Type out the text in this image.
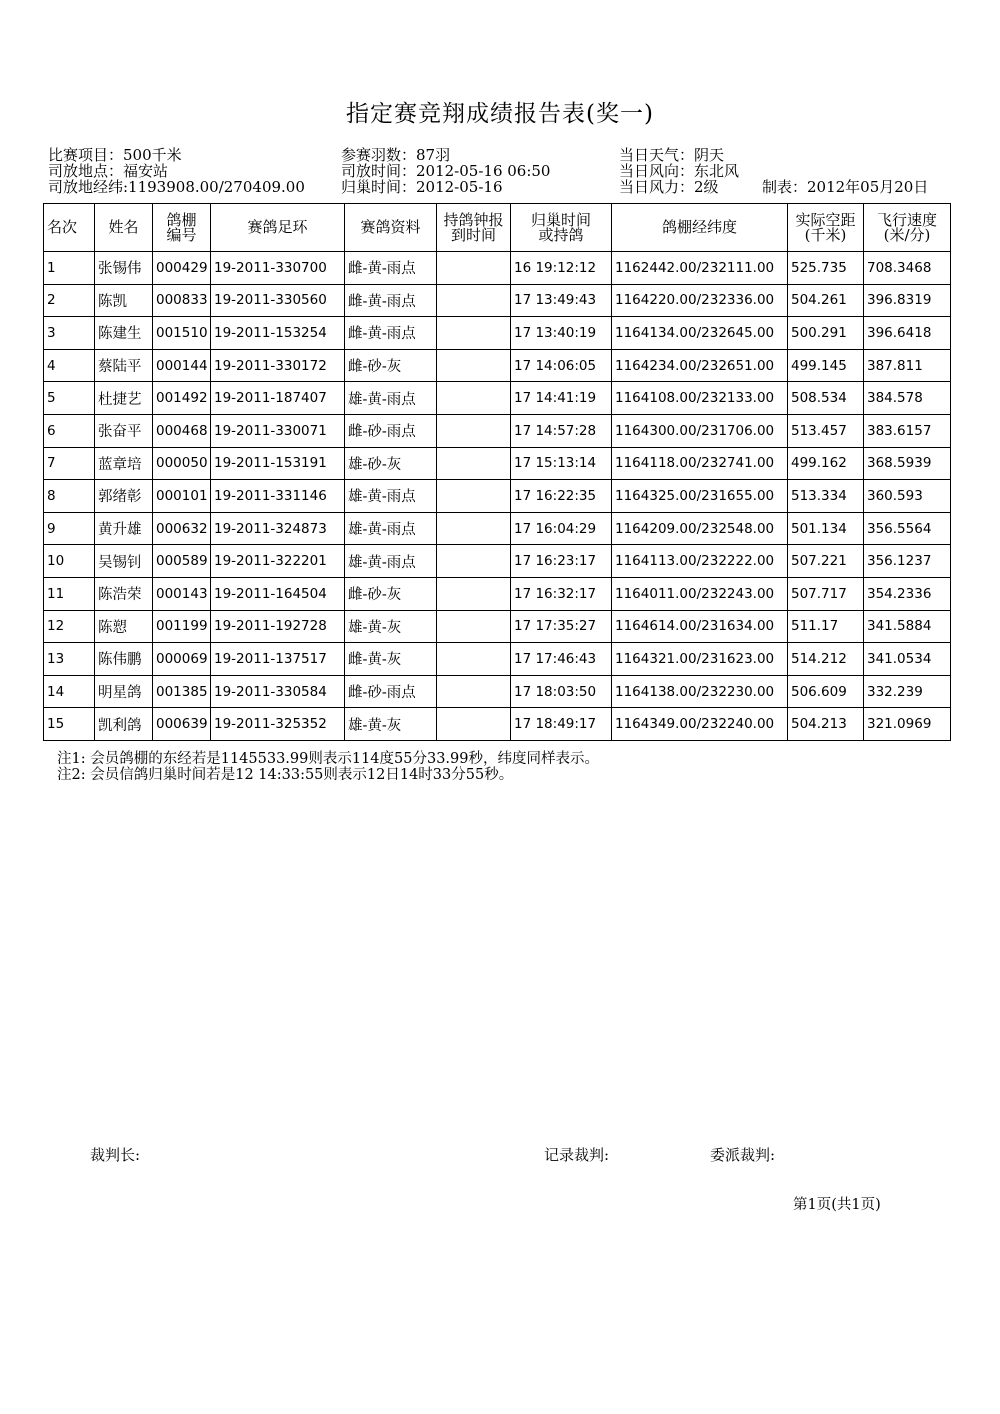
指定赛竞翔成绩报告表(奖一)
比赛项目：500千米
司放地点：福安站
司放地经纬:1193908.00/270409.00
参赛羽数：87羽
司放时间：2012-05-16 06:50
归巢时间：2012-05-16
当日天气：阴天
当日风向：东北风
当日风力：2级	制表：2012年05月20日
名次	姓名	鸽棚编号	赛鸽足环	赛鸽资料	持鸽钟报到时间	归巢时间或持鸽	鸽棚经纬度	实际空距(千米)	飞行速度(米/分)

1	张锡伟	000429	19-2011-330700	雌-黄-雨点		16 19:12:12	1162442.00/232111.00	525.735	708.3468
2	陈凯	000833	19-2011-330560	雌-黄-雨点		17 13:49:43	1164220.00/232336.00	504.261	396.8319
3	陈建生	001510	19-2011-153254	雌-黄-雨点		17 13:40:19	1164134.00/232645.00	500.291	396.6418
4	蔡陆平	000144	19-2011-330172	雌-砂-灰		17 14:06:05	1164234.00/232651.00	499.145	387.811
5	杜捷艺	001492	19-2011-187407	雄-黄-雨点		17 14:41:19	1164108.00/232133.00	508.534	384.578
6	张奋平	000468	19-2011-330071	雌-砂-雨点		17 14:57:28	1164300.00/231706.00	513.457	383.6157
7	蓝章培	000050	19-2011-153191	雄-砂-灰		17 15:13:14	1164118.00/232741.00	499.162	368.5939
8	郭绪彰	000101	19-2011-331146	雄-黄-雨点		17 16:22:35	1164325.00/231655.00	513.334	360.593
9	黄升雄	000632	19-2011-324873	雄-黄-雨点		17 16:04:29	1164209.00/232548.00	501.134	356.5564
10	吴锡钊	000589	19-2011-322201	雄-黄-雨点		17 16:23:17	1164113.00/232222.00	507.221	356.1237
11	陈浩荣	000143	19-2011-164504	雌-砂-灰		17 16:32:17	1164011.00/232243.00	507.717	354.2336
12	陈愬	001199	19-2011-192728	雄-黄-灰		17 17:35:27	1164614.00/231634.00	511.17	341.5884
13	陈伟鹏	000069	19-2011-137517	雌-黄-灰		17 17:46:43	1164321.00/231623.00	514.212	341.0534
14	明星鸽	001385	19-2011-330584	雌-砂-雨点		17 18:03:50	1164138.00/232230.00	506.609	332.239
15	凯利鸽	000639	19-2011-325352	雄-黄-灰		17 18:49:17	1164349.00/232240.00	504.213	321.0969
注1: 会员鸽棚的东经若是1145533.99则表示114度55分33.99秒，纬度同样表示。
注2: 会员信鸽归巢时间若是12 14:33:55则表示12日14时33分55秒。
裁判长:	记录裁判:	委派裁判:
第1页(共1页)
